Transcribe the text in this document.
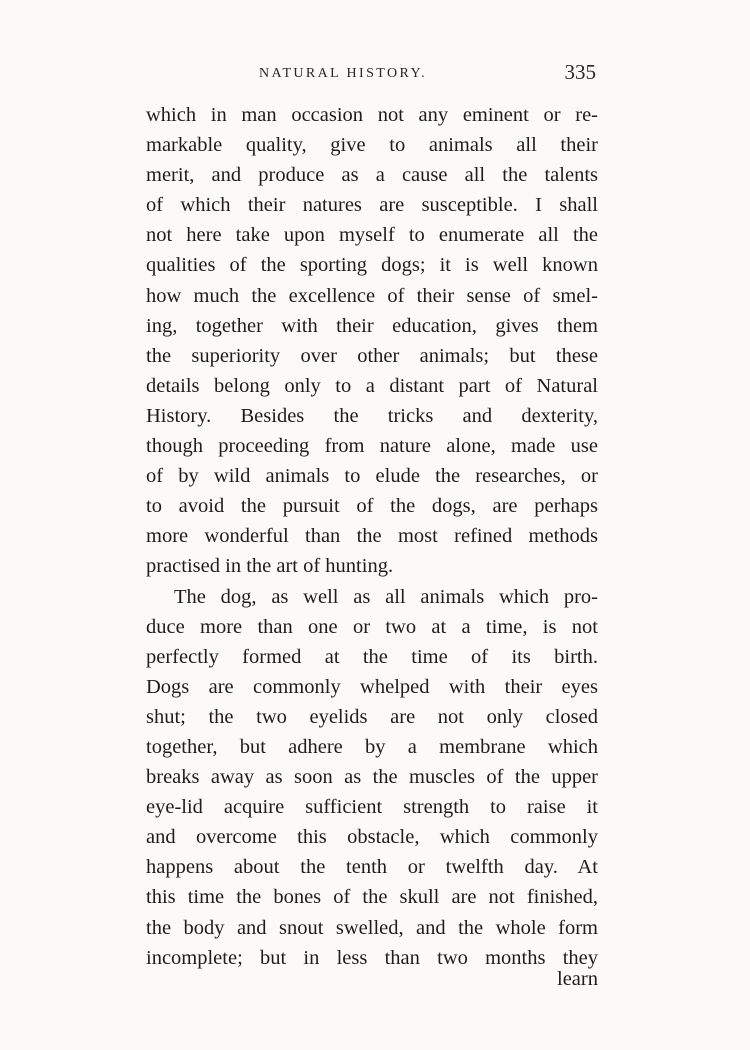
NATURAL HISTORY.	335
which in man occasion not any eminent or re-
markable quality, give to animals all their
merit, and produce as a cause all the talents
of which their natures are susceptible. I shall
not here take upon myself to enumerate all the
qualities of the sporting dogs; it is well known
how much the excellence of their sense of smel-
ing, together with their education, gives them
the superiority over other animals; but these
details belong only to a distant part of Natural
History. Besides the tricks and dexterity,
though proceeding from nature alone, made use
of by wild animals to elude the researches, or
to avoid the pursuit of the dogs, are perhaps
more wonderful than the most refined methods
practised in the art of hunting.
The dog, as well as all animals which pro-
duce more than one or two at a time, is not
perfectly formed at the time of its birth.
Dogs are commonly whelped with their eyes
shut; the two eyelids are not only closed
together, but adhere by a membrane which
breaks away as soon as the muscles of the upper
eye-lid acquire sufficient strength to raise it
and overcome this obstacle, which commonly
happens about the tenth or twelfth day. At
this time the bones of the skull are not finished,
the body and snout swelled, and the whole form
incomplete; but in less than two months they
learn
